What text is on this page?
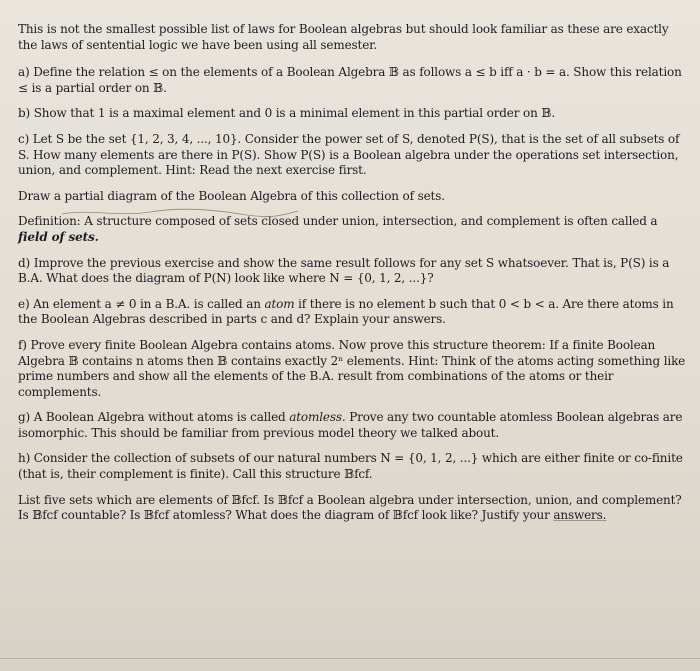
This is not the smallest possible list of laws for Boolean algebras but should look familiar as these are exactly the laws of sentential logic we have been using all semester.

a) Define the relation ≤ on the elements of a Boolean Algebra 𝔹 as follows a ≤ b iff a · b = a. Show this relation ≤ is a partial order on 𝔹.

b) Show that 1 is a maximal element and 0 is a minimal element in this partial order on 𝔹.

c) Let S be the set {1, 2, 3, 4, ..., 10}. Consider the power set of S, denoted P(S), that is the set of all subsets of S. How many elements are there in P(S). Show P(S) is a Boolean algebra under the operations set intersection, union, and complement. Hint: Read the next exercise first.

Draw a partial diagram of the Boolean Algebra of this collection of sets.

Definition: A structure composed of sets closed under union, intersection, and complement is often called a field of sets.

d) Improve the previous exercise and show the same result follows for any set S whatsoever. That is, P(S) is a B.A. What does the diagram of P(N) look like where N = {0, 1, 2, ...}?

e) An element a ≠ 0 in a B.A. is called an atom if there is no element b such that 0 < b < a. Are there atoms in the Boolean Algebras described in parts c and d? Explain your answers.

f) Prove every finite Boolean Algebra contains atoms. Now prove this structure theorem: If a finite Boolean Algebra 𝔹 contains n atoms then 𝔹 contains exactly 2ⁿ elements. Hint: Think of the atoms acting something like prime numbers and show all the elements of the B.A. result from combinations of the atoms or their complements.

g) A Boolean Algebra without atoms is called atomless. Prove any two countable atomless Boolean algebras are isomorphic. This should be familiar from previous model theory we talked about.

h) Consider the collection of subsets of our natural numbers N = {0, 1, 2, ...} which are either finite or co-finite (that is, their complement is finite). Call this structure 𝔹fcf.

List five sets which are elements of 𝔹fcf. Is 𝔹fcf a Boolean algebra under intersection, union, and complement? Is 𝔹fcf countable? Is 𝔹fcf atomless? What does the diagram of 𝔹fcf look like? Justify your answers.
